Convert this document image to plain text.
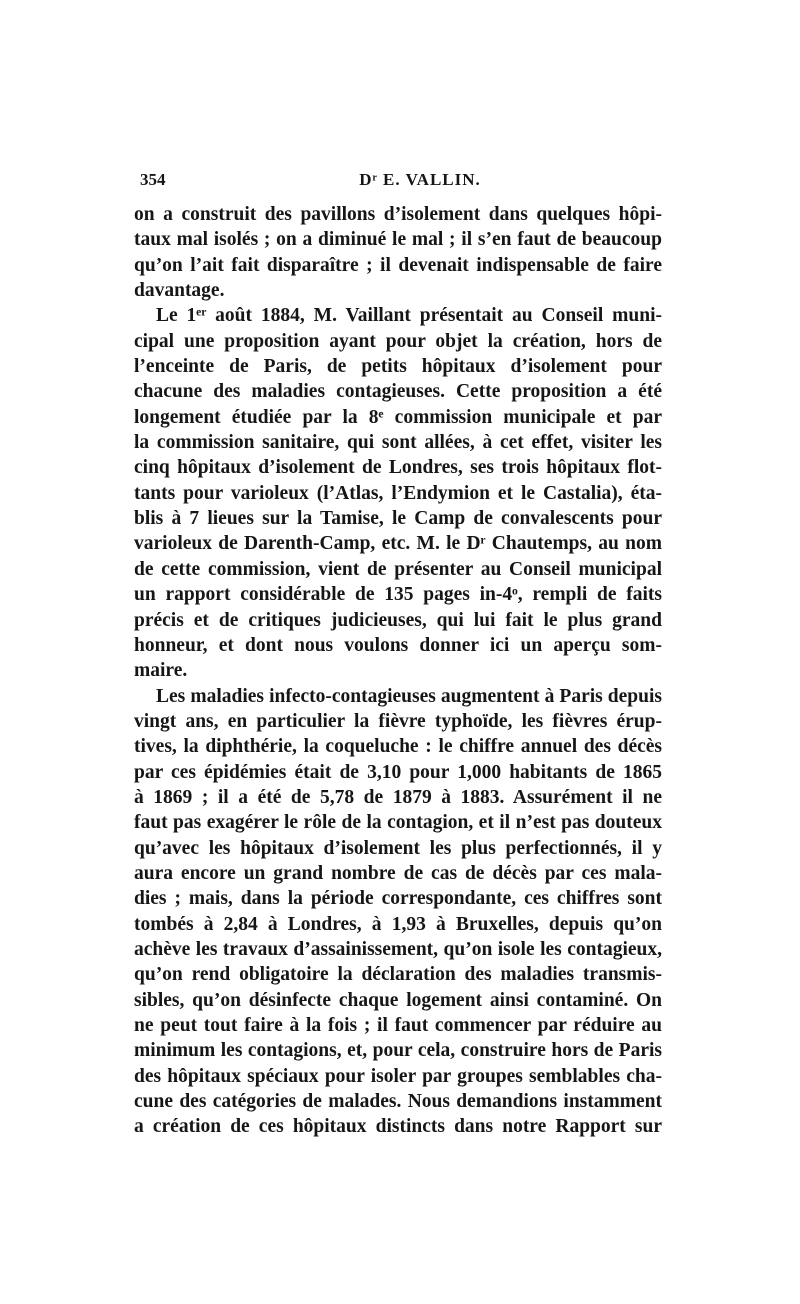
354	Dʳ E. VALLIN.
on a construit des pavillons d’isolement dans quelques hôpi-
taux mal isolés ; on a diminué le mal ; il s’en faut de beaucoup
qu’on l’ait fait disparaître ; il devenait indispensable de faire
davantage.
Le 1ᵉʳ août 1884, M. Vaillant présentait au Conseil muni-
cipal une proposition ayant pour objet la création, hors de
l’enceinte de Paris, de petits hôpitaux d’isolement pour
chacune des maladies contagieuses. Cette proposition a été
longement étudiée par la 8ᵉ commission municipale et par
la commission sanitaire, qui sont allées, à cet effet, visiter les
cinq hôpitaux d’isolement de Londres, ses trois hôpitaux flot-
tants pour varioleux (l’Atlas, l’Endymion et le Castalia), éta-
blis à 7 lieues sur la Tamise, le Camp de convalescents pour
varioleux de Darenth-Camp, etc. M. le Dʳ Chautemps, au nom
de cette commission, vient de présenter au Conseil municipal
un rapport considérable de 135 pages in-4ᵒ, rempli de faits
précis et de critiques judicieuses, qui lui fait le plus grand
honneur, et dont nous voulons donner ici un aperçu som-
maire.
Les maladies infecto-contagieuses augmentent à Paris depuis
vingt ans, en particulier la fièvre typhoïde, les fièvres érup-
tives, la diphthérie, la coqueluche : le chiffre annuel des décès
par ces épidémies était de 3,10 pour 1,000 habitants de 1865
à 1869 ; il a été de 5,78 de 1879 à 1883. Assurément il ne
faut pas exagérer le rôle de la contagion, et il n’est pas douteux
qu’avec les hôpitaux d’isolement les plus perfectionnés, il y
aura encore un grand nombre de cas de décès par ces mala-
dies ; mais, dans la période correspondante, ces chiffres sont
tombés à 2,84 à Londres, à 1,93 à Bruxelles, depuis qu’on
achève les travaux d’assainissement, qu’on isole les contagieux,
qu’on rend obligatoire la déclaration des maladies transmis-
sibles, qu’on désinfecte chaque logement ainsi contaminé. On
ne peut tout faire à la fois ; il faut commencer par réduire au
minimum les contagions, et, pour cela, construire hors de Paris
des hôpitaux spéciaux pour isoler par groupes semblables cha-
cune des catégories de malades. Nous demandions instamment
a création de ces hôpitaux distincts dans notre Rapport sur
